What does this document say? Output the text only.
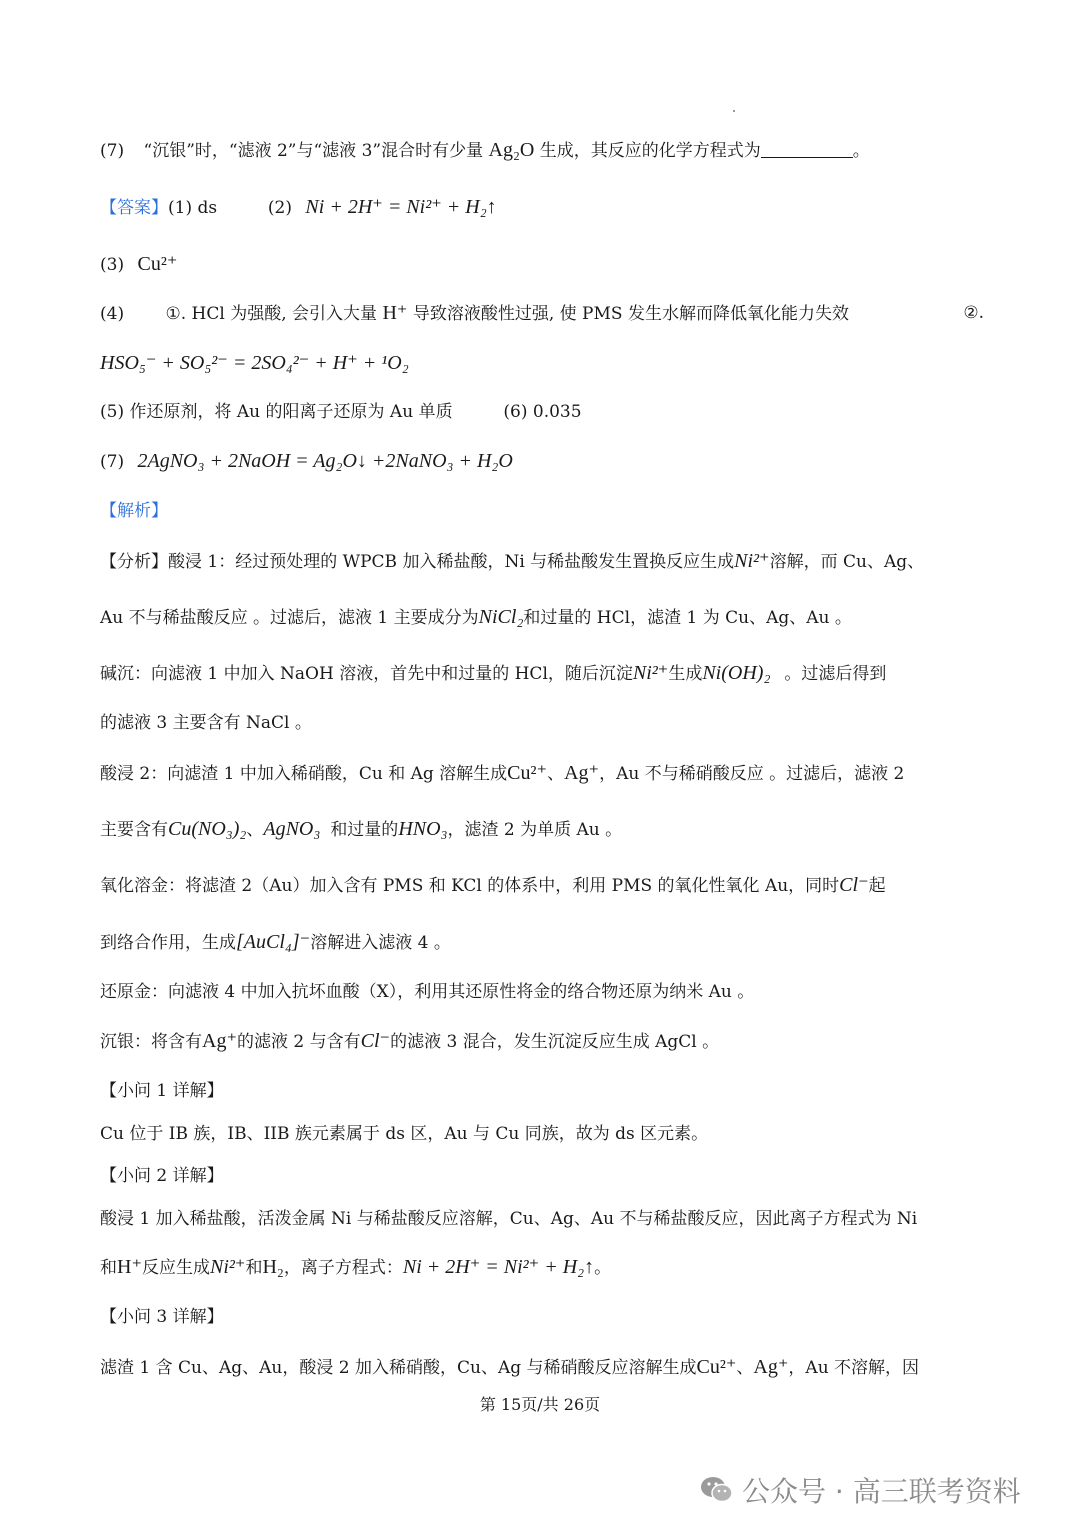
(7) “沉银”时，“滤液 2”与“滤液 3”混合时有少量 Ag₂O 生成，其反应的化学方程式为	。
【答案】(1) ds	(2) Ni + 2H⁺ = Ni²⁺ + H₂↑
(3) Cu²⁺
(4) ①. HCl 为强酸, 会引入大量 H⁺ 导致溶液酸性过强, 使 PMS 发生水解而降低氧化能力失效	②.
HSO₅⁻ + SO₅²⁻ = 2SO₄²⁻ + H⁺ + ¹O₂
(5) 作还原剂，将 Au 的阳离子还原为 Au 单质	(6) 0.035
(7) 2AgNO₃ + 2NaOH = Ag₂O↓ +2NaNO₃ + H₂O
【解析】
【分析】酸浸 1：经过预处理的 WPCB 加入稀盐酸，Ni 与稀盐酸发生置换反应生成Ni²⁺溶解，而 Cu、Ag、
Au 不与稀盐酸反应 。过滤后，滤液 1 主要成分为NiCl₂和过量的 HCl，滤渣 1 为 Cu、Ag、Au 。
碱沉：向滤液 1 中加入 NaOH 溶液，首先中和过量的 HCl，随后沉淀Ni²⁺生成Ni(OH)₂ 。过滤后得到
的滤液 3 主要含有 NaCl 。
酸浸 2：向滤渣 1 中加入稀硝酸，Cu 和 Ag 溶解生成Cu²⁺、Ag⁺，Au 不与稀硝酸反应 。过滤后，滤液 2
主要含有Cu(NO₃)₂、AgNO₃ 和过量的HNO₃，滤渣 2 为单质 Au 。
氧化溶金：将滤渣 2（Au）加入含有 PMS 和 KCl 的体系中，利用 PMS 的氧化性氧化 Au，同时Cl⁻起
到络合作用，生成[AuCl₄]⁻溶解进入滤液 4 。
还原金：向滤液 4 中加入抗坏血酸（X），利用其还原性将金的络合物还原为纳米 Au 。
沉银：将含有Ag⁺的滤液 2 与含有Cl⁻的滤液 3 混合，发生沉淀反应生成 AgCl 。
【小问 1 详解】
Cu 位于 IB 族，IB、IIB 族元素属于 ds 区，Au 与 Cu 同族，故为 ds 区元素。
【小问 2 详解】
酸浸 1 加入稀盐酸，活泼金属 Ni 与稀盐酸反应溶解，Cu、Ag、Au 不与稀盐酸反应，因此离子方程式为 Ni
和H⁺反应生成Ni²⁺和H₂，离子方程式：Ni + 2H⁺ = Ni²⁺ + H₂↑。
【小问 3 详解】
滤渣 1 含 Cu、Ag、Au，酸浸 2 加入稀硝酸，Cu、Ag 与稀硝酸反应溶解生成Cu²⁺、Ag⁺，Au 不溶解，因
第 15页/共 26页
公众号 · 高三联考资料
